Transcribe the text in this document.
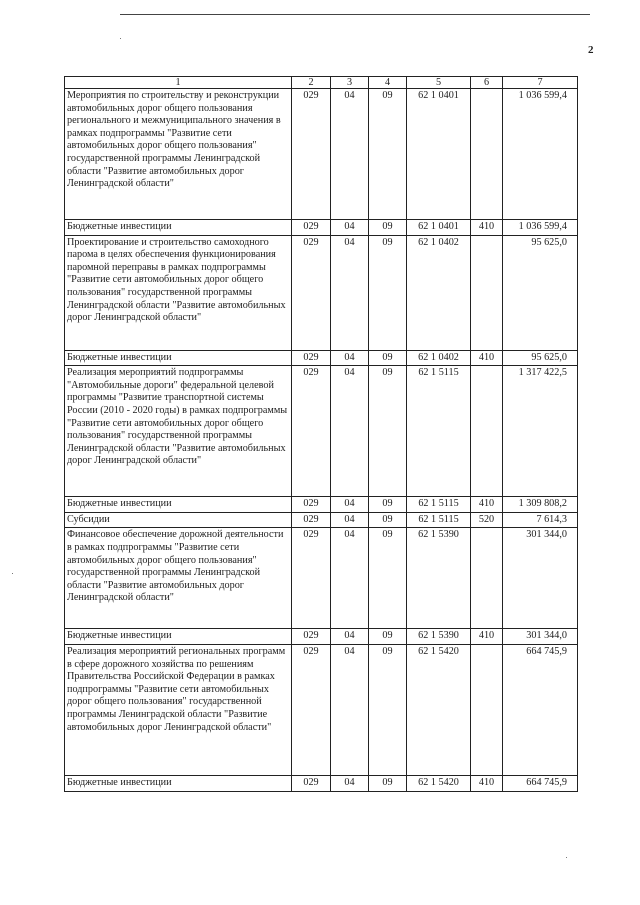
2
1	2	3	4	5	6	7
Мероприятия по строительству и реконструкции автомобильных дорог общего пользования регионального и межмуниципального значения в рамках подпрограммы "Развитие сети автомобильных дорог общего пользования" государственной программы Ленинградской области "Развитие автомобильных дорог Ленинградской области"	029	04	09	62 1 0401		1 036 599,4
Бюджетные инвестиции	029	04	09	62 1 0401	410	1 036 599,4
Проектирование и строительство самоходного парома в целях обеспечения функционирования паромной переправы в рамках подпрограммы "Развитие сети автомобильных дорог общего пользования" государственной программы Ленинградской области "Развитие автомобильных дорог Ленинградской области"	029	04	09	62 1 0402		95 625,0
Бюджетные инвестиции	029	04	09	62 1 0402	410	95 625,0
Реализация мероприятий подпрограммы "Автомобильные дороги" федеральной целевой программы "Развитие транспортной системы России (2010 - 2020 годы) в рамках подпрограммы "Развитие сети автомобильных дорог общего пользования" государственной программы Ленинградской области "Развитие автомобильных дорог Ленинградской области"	029	04	09	62 1 5115		1 317 422,5
Бюджетные инвестиции	029	04	09	62 1 5115	410	1 309 808,2
Субсидии	029	04	09	62 1 5115	520	7 614,3
Финансовое обеспечение дорожной деятельности в рамках подпрограммы "Развитие сети автомобильных дорог общего пользования" государственной программы Ленинградской области "Развитие автомобильных дорог Ленинградской области"	029	04	09	62 1 5390		301 344,0
Бюджетные инвестиции	029	04	09	62 1 5390	410	301 344,0
Реализация мероприятий региональных программ в сфере дорожного хозяйства по решениям Правительства Российской Федерации в рамках подпрограммы "Развитие сети автомобильных дорог общего пользования" государственной программы Ленинградской области "Развитие автомобильных дорог Ленинградской области"	029	04	09	62 1 5420		664 745,9
Бюджетные инвестиции	029	04	09	62 1 5420	410	664 745,9
